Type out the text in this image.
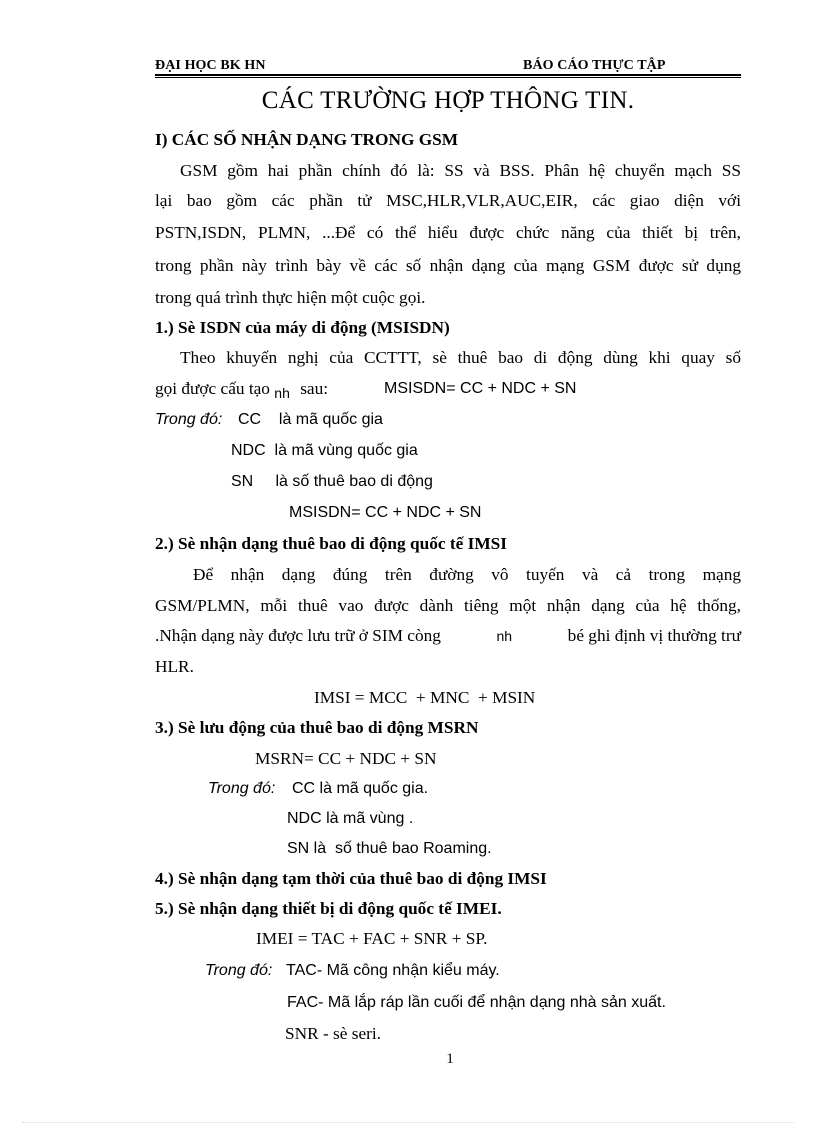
ĐẠI HỌC BK HN	BÁO CÁO THỰC TẬP
CÁC TRƯỜNG HỢP THÔNG TIN.
I) CÁC SỐ NHẬN DẠNG TRONG GSM
GSM gồm hai phần chính đó là: SS và BSS. Phân hệ chuyển mạch SS
lại bao gồm các phần tử MSC,HLR,VLR,AUC,EIR, các giao diện với
PSTN,ISDN, PLMN, ...Để có thể hiểu được chức năng của thiết bị trên,
trong phần này trình bày về các số nhận dạng của mạng GSM được sử dụng
trong quá trình thực hiện một cuộc gọi.
1.) Sè ISDN của máy di động (MSISDN)
Theo khuyến nghị của CCTTT, sè thuê bao di động dùng khi quay số
gọi được cấu tạo $_{nh}$ sau:	MSISDN= CC + NDC + SN
Trong đó: CC    là mã quốc gia
NDC  là mã vùng quốc gia
SN     là số thuê bao di động
MSISDN= CC + NDC + SN
2.) Sè nhận dạng thuê bao di động quốc tế IMSI
Để nhận dạng đúng trên đường vô tuyến và cả trong mạng
GSM/PLMN, mỗi thuê vao được dành tiêng một nhận dạng của hệ thống,
.Nhận dạng này được lưu trữ ở SIM còng	nh	bé ghi định vị thường trư
HLR.
IMSI = MCC  + MNC  + MSIN
3.) Sè lưu động của thuê bao di động MSRN
MSRN= CC + NDC + SN
Trong đó: CC là mã quốc gia.
NDC là mã vùng .
SN là  số thuê bao Roaming.
4.) Sè nhận dạng tạm thời của thuê bao di động IMSI
5.) Sè nhận dạng thiết bị di động quốc tế IMEI.
IMEI = TAC + FAC + SNR + SP.
Trong đó: TAC- Mã công nhận kiểu máy.
FAC- Mã lắp ráp lần cuối để nhận dạng nhà sản xuất.
SNR - sè seri.
1
